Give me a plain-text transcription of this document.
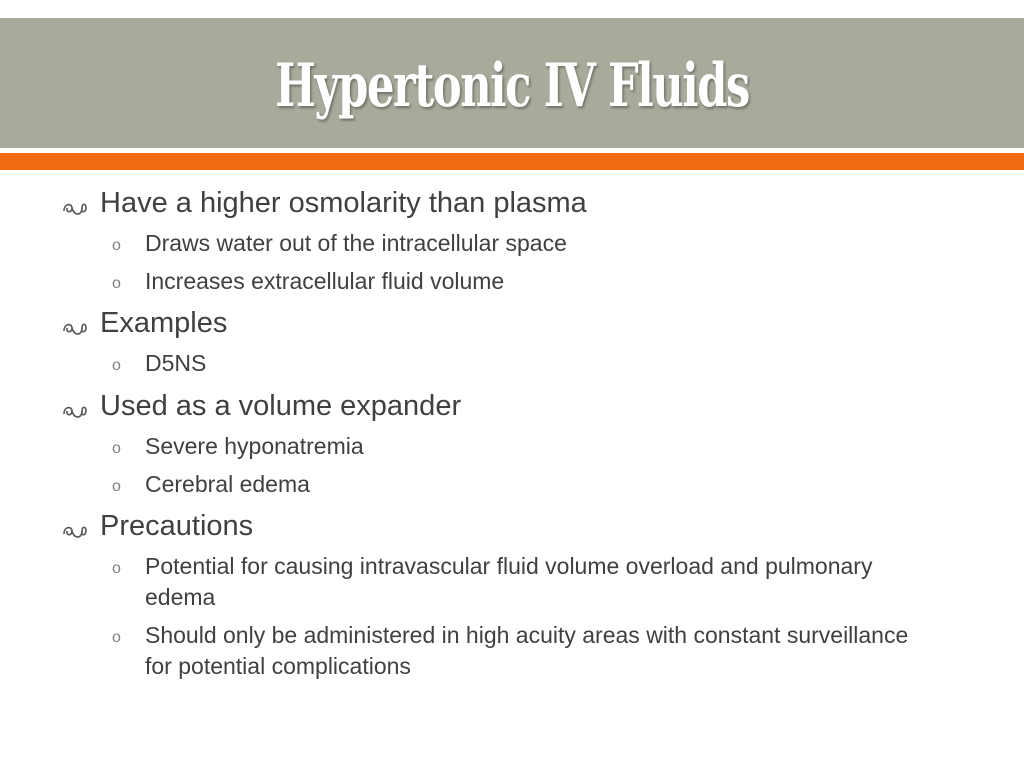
Hypertonic IV Fluids
Have a higher osmolarity than plasma
o Draws water out of the intracellular space
o Increases extracellular fluid volume
Examples
o D5NS
Used as a volume expander
o Severe hyponatremia
o Cerebral edema
Precautions
o Potential for causing intravascular fluid volume overload and pulmonary edema
o Should only be administered in high acuity areas with constant surveillance for potential complications
